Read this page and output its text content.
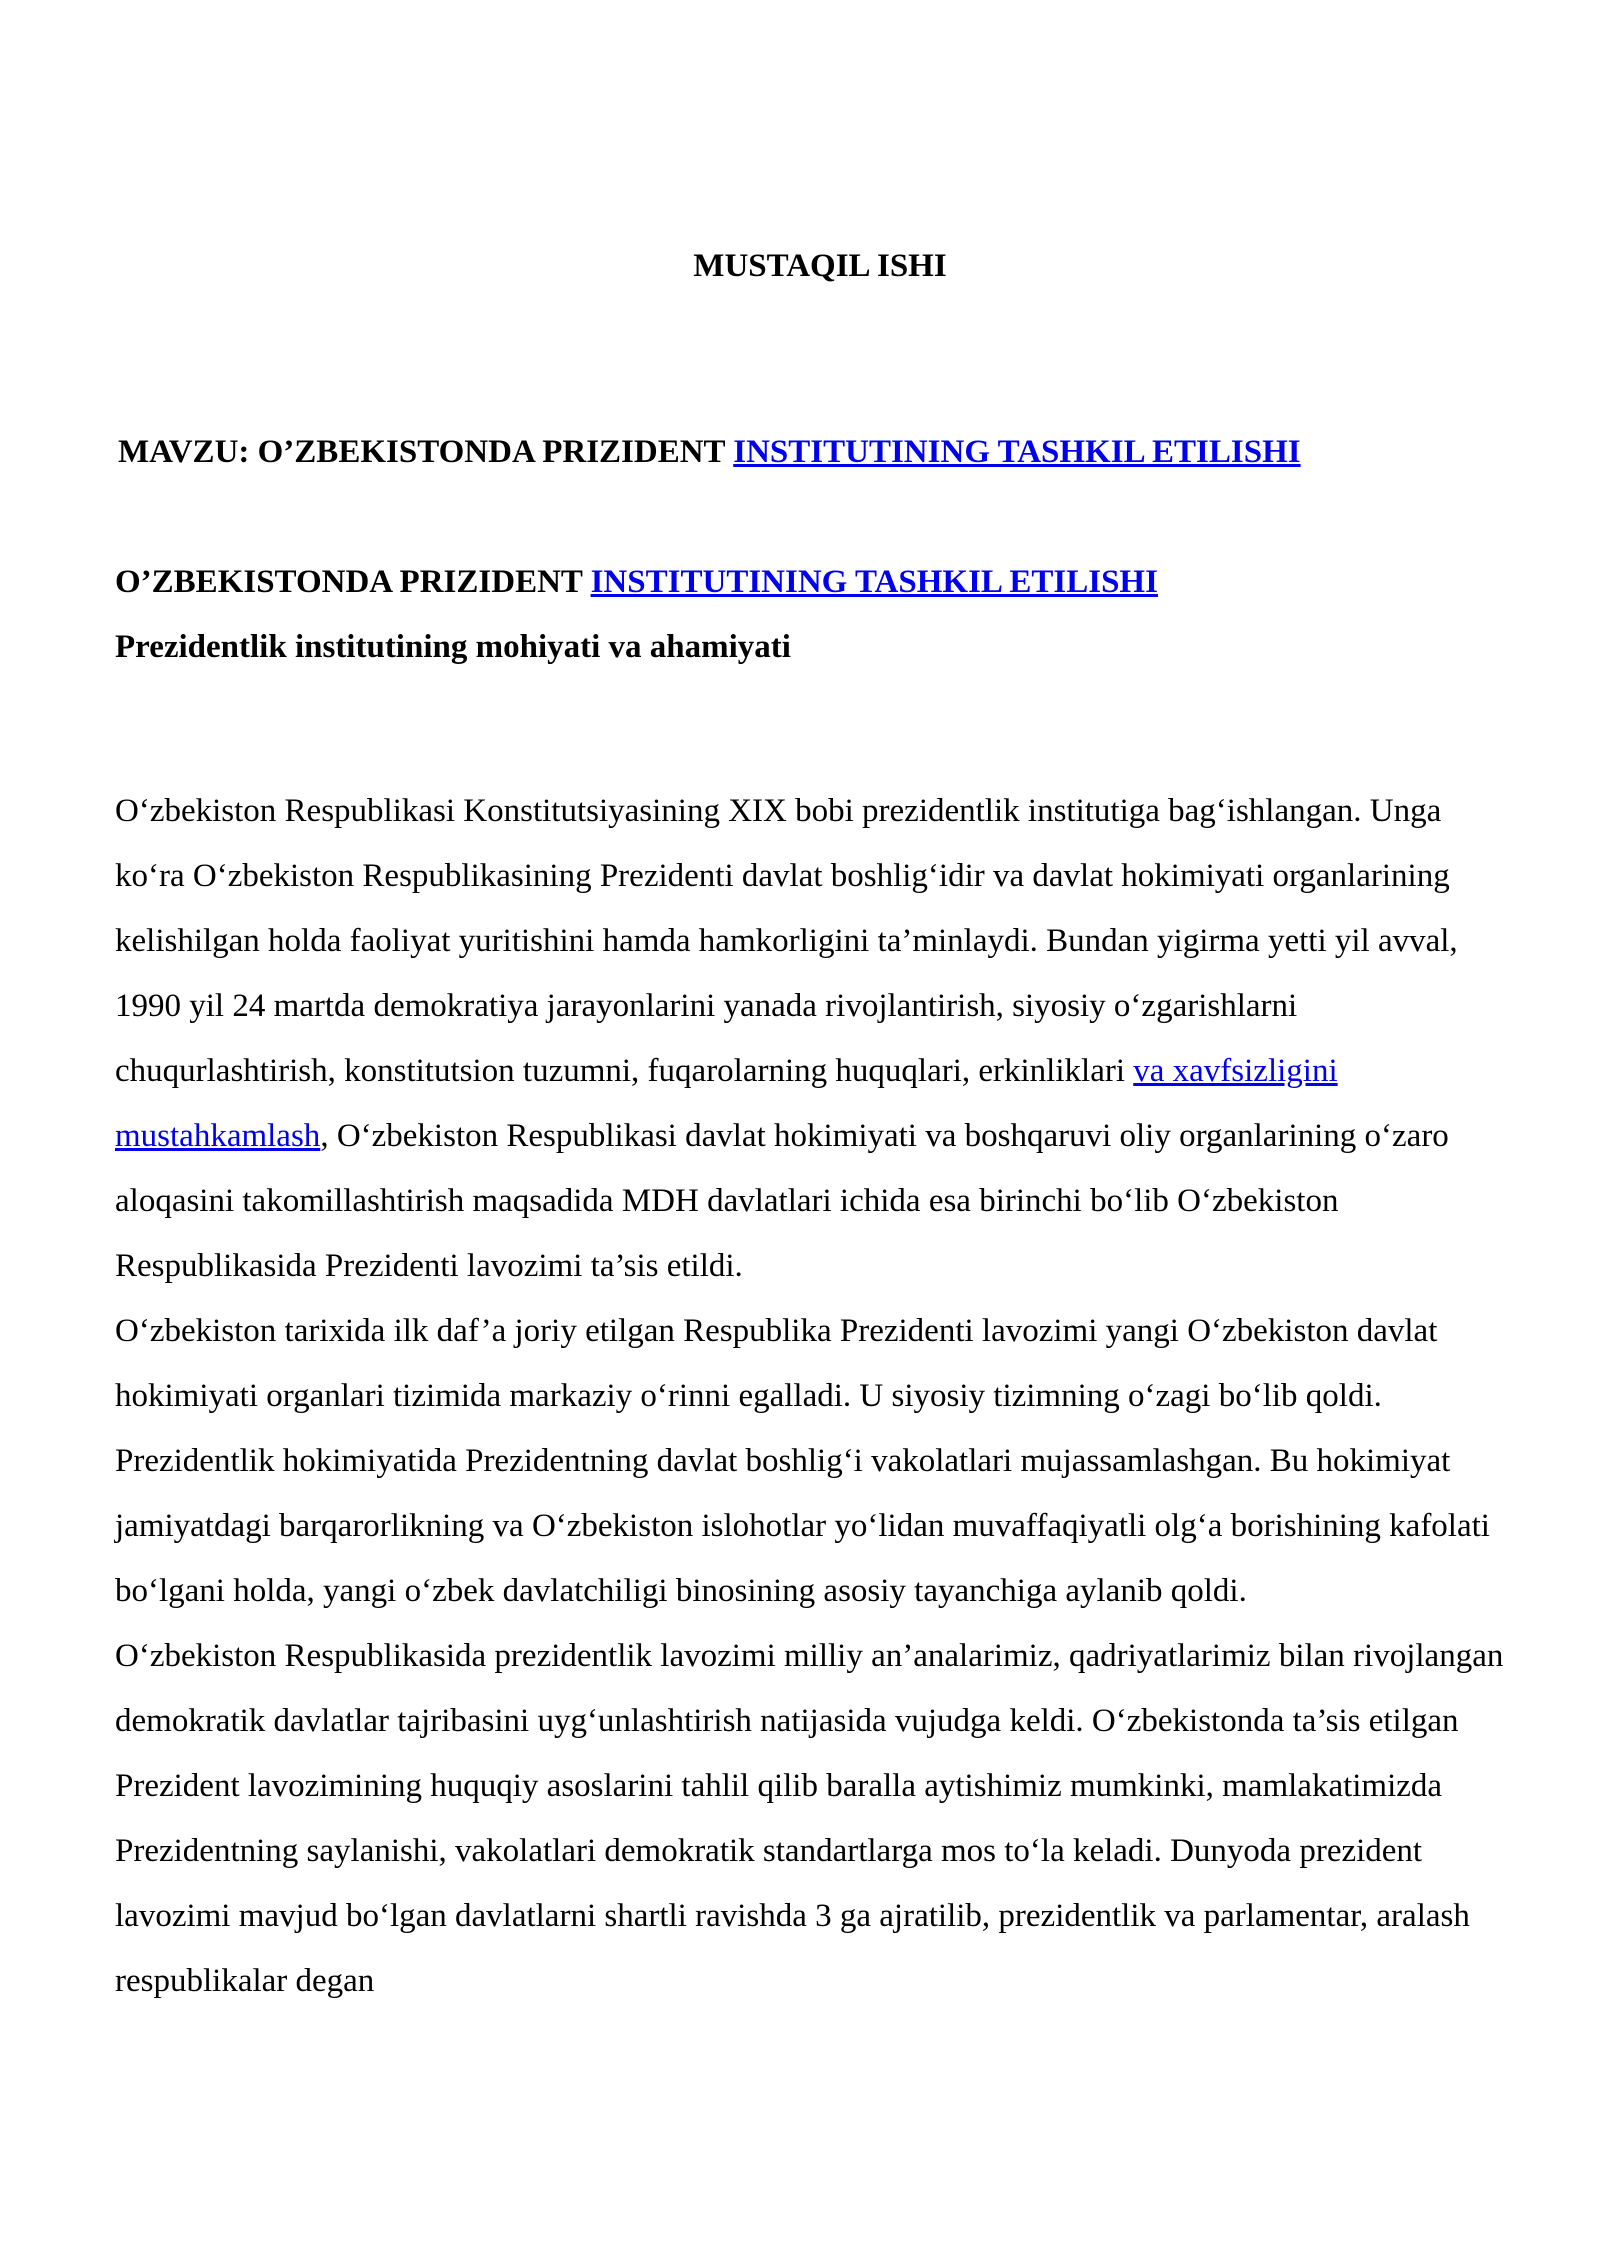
MUSTAQIL ISHI
MAVZU: O’ZBEKISTONDA PRIZIDENT INSTITUTINING TASHKIL ETILISHI
O’ZBEKISTONDA PRIZIDENT INSTITUTINING TASHKIL ETILISHI
Prezidentlik institutining mohiyati va ahamiyati

O‘zbekiston Respublikasi Konstitutsiyasining XIX bobi prezidentlik institutiga bag‘ishlangan. Unga ko‘ra O‘zbekiston Respublikasining Prezidenti davlat boshlig‘idir va davlat hokimiyati organlarining kelishilgan holda faoliyat yuritishini hamda hamkorligini ta’minlaydi. Bundan yigirma yetti yil avval, 1990 yil 24 martda demokratiya jarayonlarini yanada rivojlantirish, siyosiy o‘zgarishlarni chuqurlashtirish, konstitutsion tuzumni, fuqarolarning huquqlari, erkinliklari va xavfsizligini mustahkamlash, O‘zbekiston Respublikasi davlat hokimiyati va boshqaruvi oliy organlarining o‘zaro aloqasini takomillashtirish maqsadida MDH davlatlari ichida esa birinchi bo‘lib O‘zbekiston Respublikasida Prezidenti lavozimi ta’sis etildi.

O‘zbekiston tarixida ilk daf’a joriy etilgan Respublika Prezidenti lavozimi yangi O‘zbekiston davlat hokimiyati organlari tizimida markaziy o‘rinni egalladi. U siyosiy tizimning o‘zagi bo‘lib qoldi. Prezidentlik hokimiyatida Prezidentning davlat boshlig‘i vakolatlari mujassamlashgan. Bu hokimiyat jamiyatdagi barqarorlikning va O‘zbekiston islohotlar yo‘lidan muvaffaqiyatli olg‘a borishining kafolati bo‘lgani holda, yangi o‘zbek davlatchiligi binosining asosiy tayanchiga aylanib qoldi.

O‘zbekiston Respublikasida prezidentlik lavozimi milliy an’analarimiz, qadriyatlarimiz bilan rivojlangan demokratik davlatlar tajribasini uyg‘unlashtirish natijasida vujudga keldi. O‘zbekistonda ta’sis etilgan Prezident lavozimining huquqiy asoslarini tahlil qilib baralla aytishimiz mumkinki, mamlakatimizda Prezidentning saylanishi, vakolatlari demokratik standartlarga mos to‘la keladi. Dunyoda prezident lavozimi mavjud bo‘lgan davlatlarni shartli ravishda 3 ga ajratilib, prezidentlik va parlamentar, aralash respublikalar degan
